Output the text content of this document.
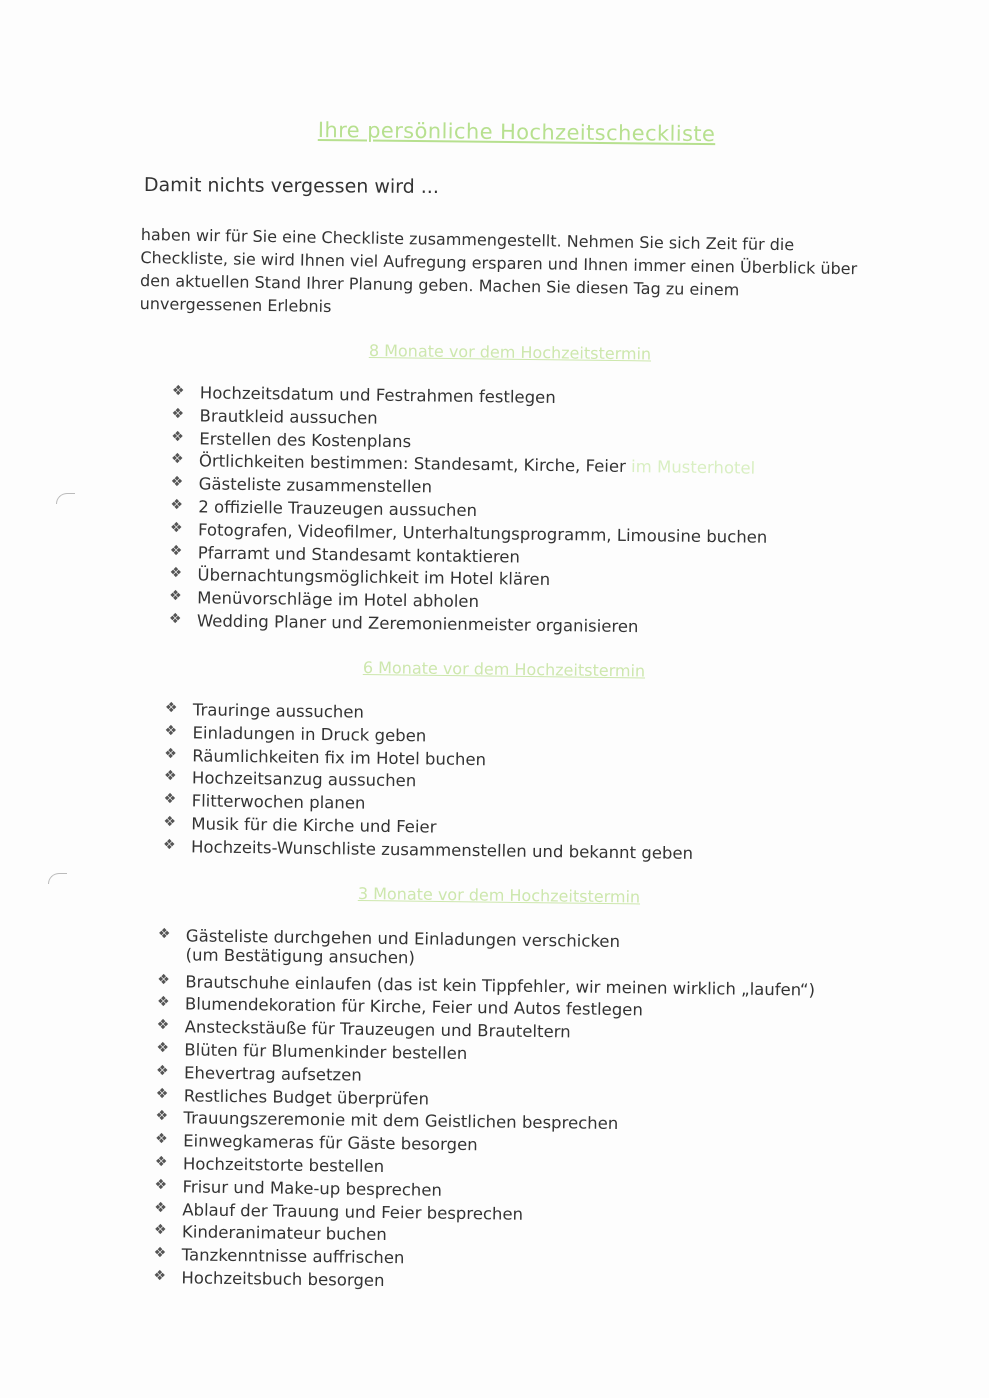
Ihre persönliche Hochzeitscheckliste
Damit nichts vergessen wird ...
haben wir für Sie eine Checkliste zusammengestellt. Nehmen Sie sich Zeit für die
Checkliste, sie wird Ihnen viel Aufregung ersparen und Ihnen immer einen Überblick über
den aktuellen Stand Ihrer Planung geben. Machen Sie diesen Tag zu einem
unvergessenen Erlebnis
8 Monate vor dem Hochzeitstermin
❖ Hochzeitsdatum und Festrahmen festlegen
❖ Brautkleid aussuchen
❖ Erstellen des Kostenplans
❖ Örtlichkeiten bestimmen: Standesamt, Kirche, Feier im Musterhotel
❖ Gästeliste zusammenstellen
❖ 2 offizielle Trauzeugen aussuchen
❖ Fotografen, Videofilmer, Unterhaltungsprogramm, Limousine buchen
❖ Pfarramt und Standesamt kontaktieren
❖ Übernachtungsmöglichkeit im Hotel klären
❖ Menüvorschläge im Hotel abholen
❖ Wedding Planer und Zeremonienmeister organisieren
6 Monate vor dem Hochzeitstermin
❖ Trauringe aussuchen
❖ Einladungen in Druck geben
❖ Räumlichkeiten fix im Hotel buchen
❖ Hochzeitsanzug aussuchen
❖ Flitterwochen planen
❖ Musik für die Kirche und Feier
❖ Hochzeits-Wunschliste zusammenstellen und bekannt geben
3 Monate vor dem Hochzeitstermin
❖ Gästeliste durchgehen und Einladungen verschicken
(um Bestätigung ansuchen)
❖ Brautschuhe einlaufen (das ist kein Tippfehler, wir meinen wirklich „laufen“)
❖ Blumendekoration für Kirche, Feier und Autos festlegen
❖ Ansteckstäuße für Trauzeugen und Brauteltern
❖ Blüten für Blumenkinder bestellen
❖ Ehevertrag aufsetzen
❖ Restliches Budget überprüfen
❖ Trauungszeremonie mit dem Geistlichen besprechen
❖ Einwegkameras für Gäste besorgen
❖ Hochzeitstorte bestellen
❖ Frisur und Make-up besprechen
❖ Ablauf der Trauung und Feier besprechen
❖ Kinderanimateur buchen
❖ Tanzkenntnisse auffrischen
❖ Hochzeitsbuch besorgen
